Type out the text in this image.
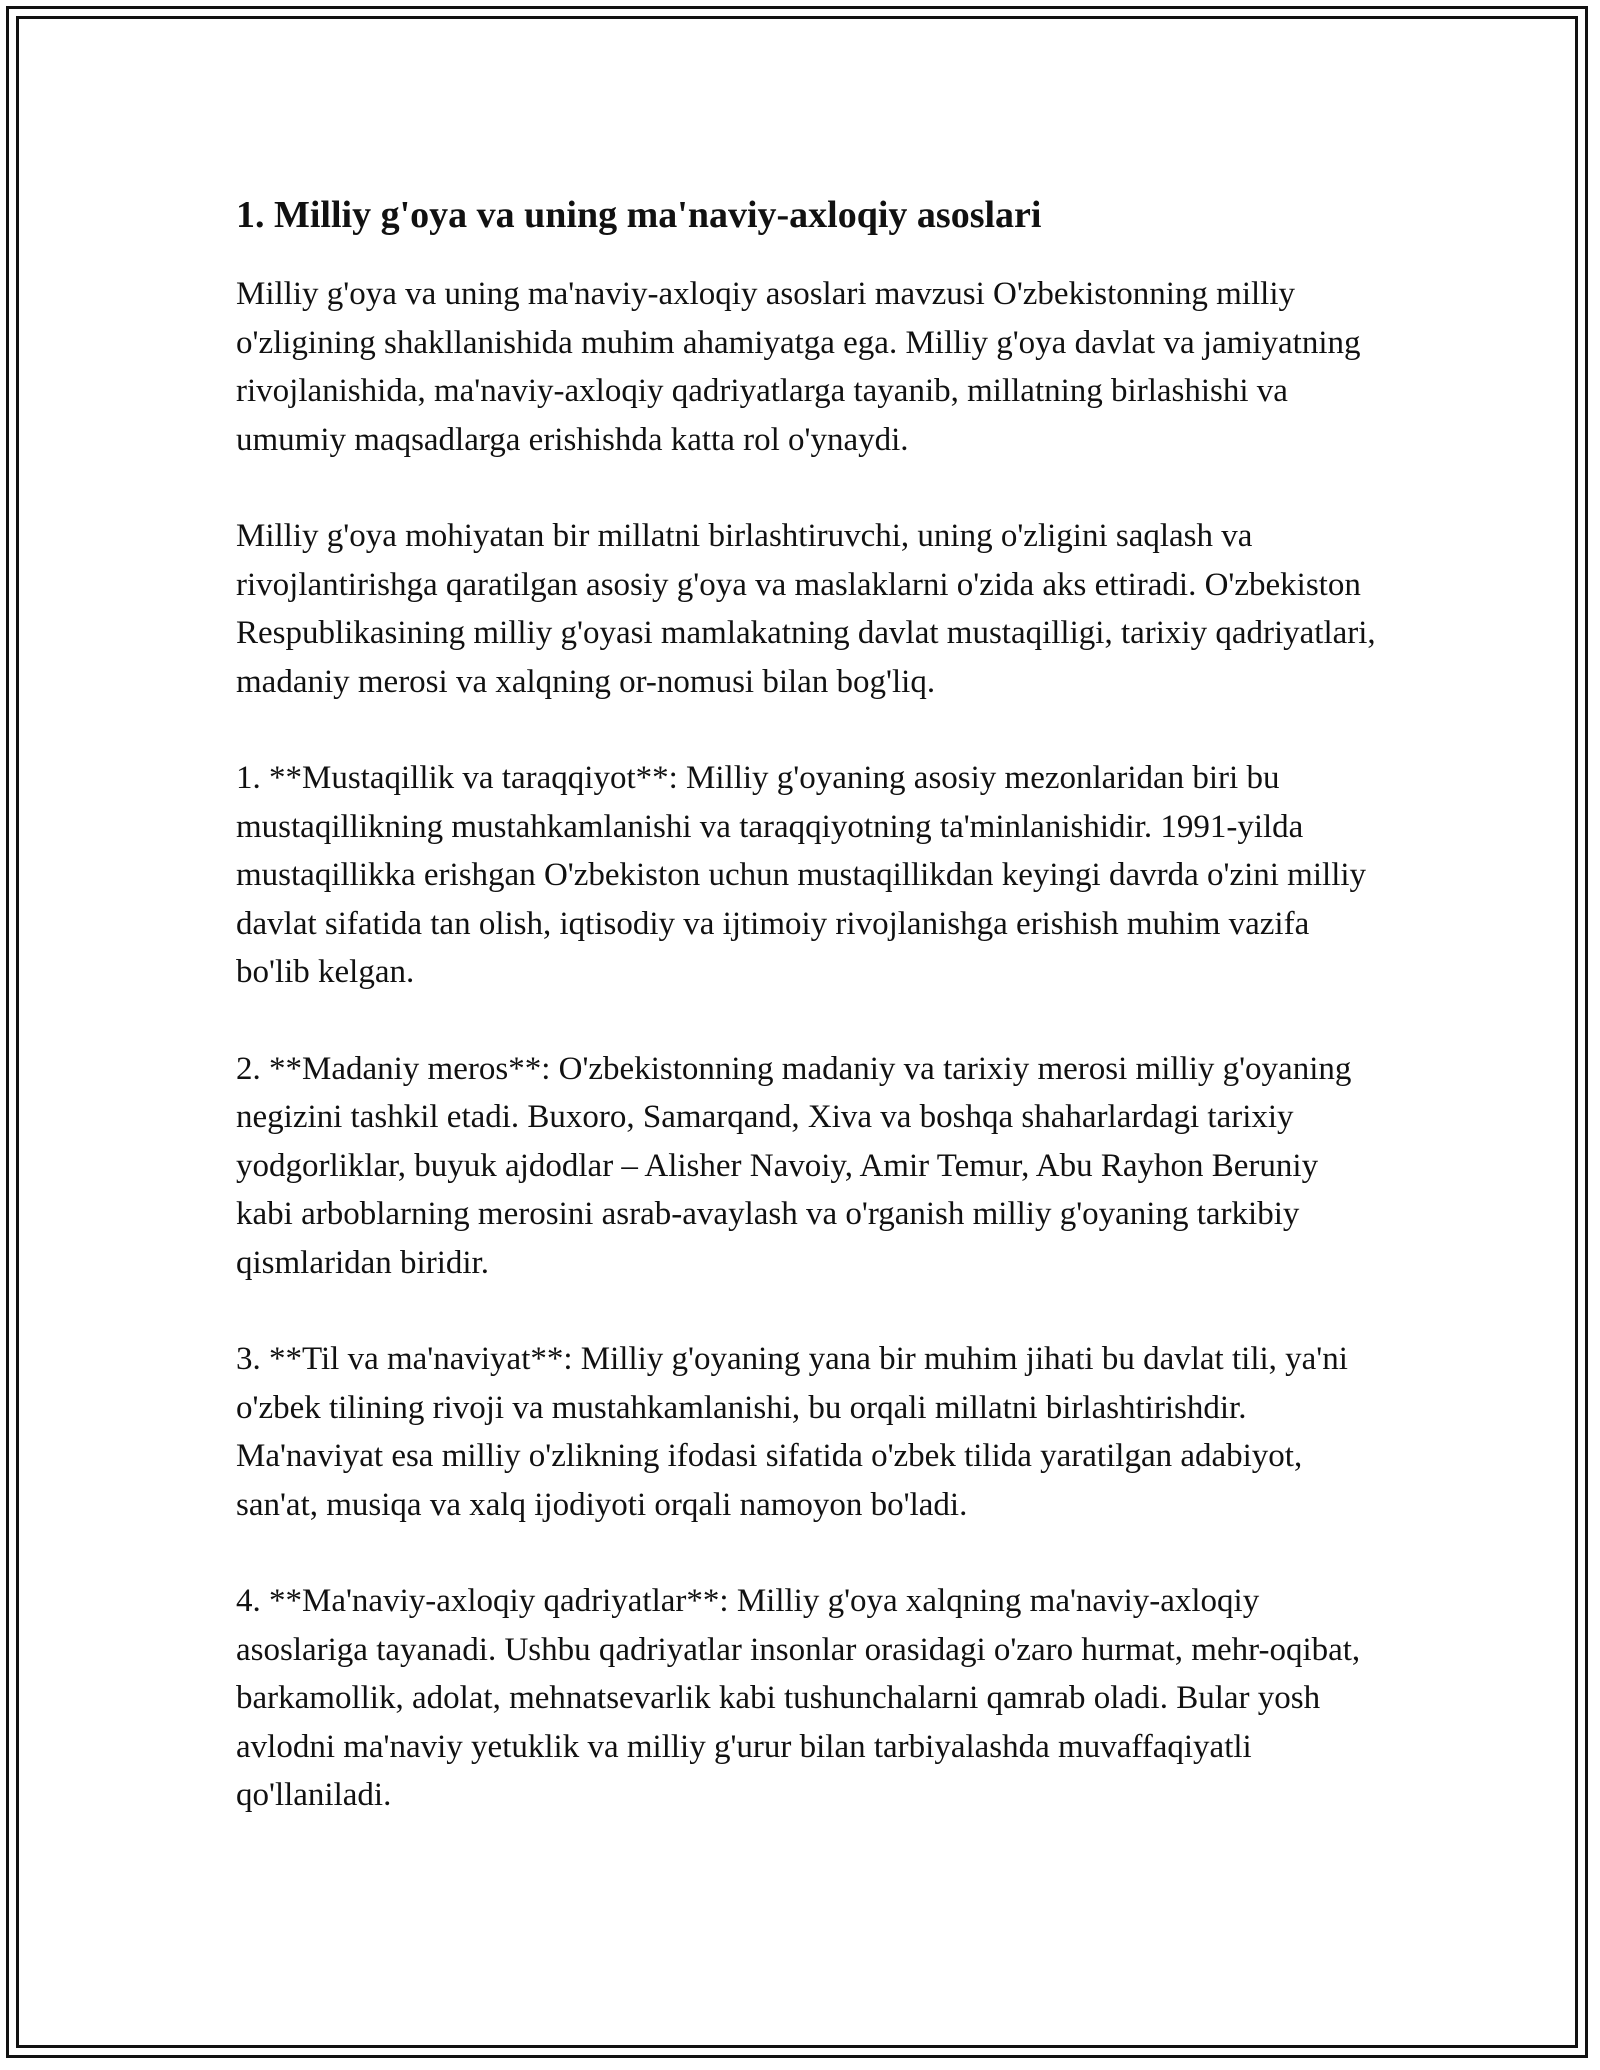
1. Milliy g'oya va uning ma'naviy-axloqiy asoslari

Milliy g'oya va uning ma'naviy-axloqiy asoslari mavzusi O'zbekistonning milliy o'zligining shakllanishida muhim ahamiyatga ega. Milliy g'oya davlat va jamiyatning rivojlanishida, ma'naviy-axloqiy qadriyatlarga tayanib, millatning birlashishi va umumiy maqsadlarga erishishda katta rol o'ynaydi.

Milliy g'oya mohiyatan bir millatni birlashtiruvchi, uning o'zligini saqlash va rivojlantirishga qaratilgan asosiy g'oya va maslaklarni o'zida aks ettiradi. O'zbekiston Respublikasining milliy g'oyasi mamlakatning davlat mustaqilligi, tarixiy qadriyatlari, madaniy merosi va xalqning or-nomusi bilan bog'liq.

1. **Mustaqillik va taraqqiyot**: Milliy g'oyaning asosiy mezonlaridan biri bu mustaqillikning mustahkamlanishi va taraqqiyotning ta'minlanishidir. 1991-yilda mustaqillikka erishgan O'zbekiston uchun mustaqillikdan keyingi davrda o'zini milliy davlat sifatida tan olish, iqtisodiy va ijtimoiy rivojlanishga erishish muhim vazifa bo'lib kelgan.

2. **Madaniy meros**: O'zbekistonning madaniy va tarixiy merosi milliy g'oyaning negizini tashkil etadi. Buxoro, Samarqand, Xiva va boshqa shaharlardagi tarixiy yodgorliklar, buyuk ajdodlar – Alisher Navoiy, Amir Temur, Abu Rayhon Beruniy kabi arboblarning merosini asrab-avaylash va o'rganish milliy g'oyaning tarkibiy qismlaridan biridir.

3. **Til va ma'naviyat**: Milliy g'oyaning yana bir muhim jihati bu davlat tili, ya'ni o'zbek tilining rivoji va mustahkamlanishi, bu orqali millatni birlashtirishdir. Ma'naviyat esa milliy o'zlikning ifodasi sifatida o'zbek tilida yaratilgan adabiyot, san'at, musiqa va xalq ijodiyoti orqali namoyon bo'ladi.

4. **Ma'naviy-axloqiy qadriyatlar**: Milliy g'oya xalqning ma'naviy-axloqiy asoslariga tayanadi. Ushbu qadriyatlar insonlar orasidagi o'zaro hurmat, mehr-oqibat, barkamollik, adolat, mehnatsevarlik kabi tushunchalarni qamrab oladi. Bular yosh avlodni ma'naviy yetuklik va milliy g'urur bilan tarbiyalashda muvaffaqiyatli qo'llaniladi.
